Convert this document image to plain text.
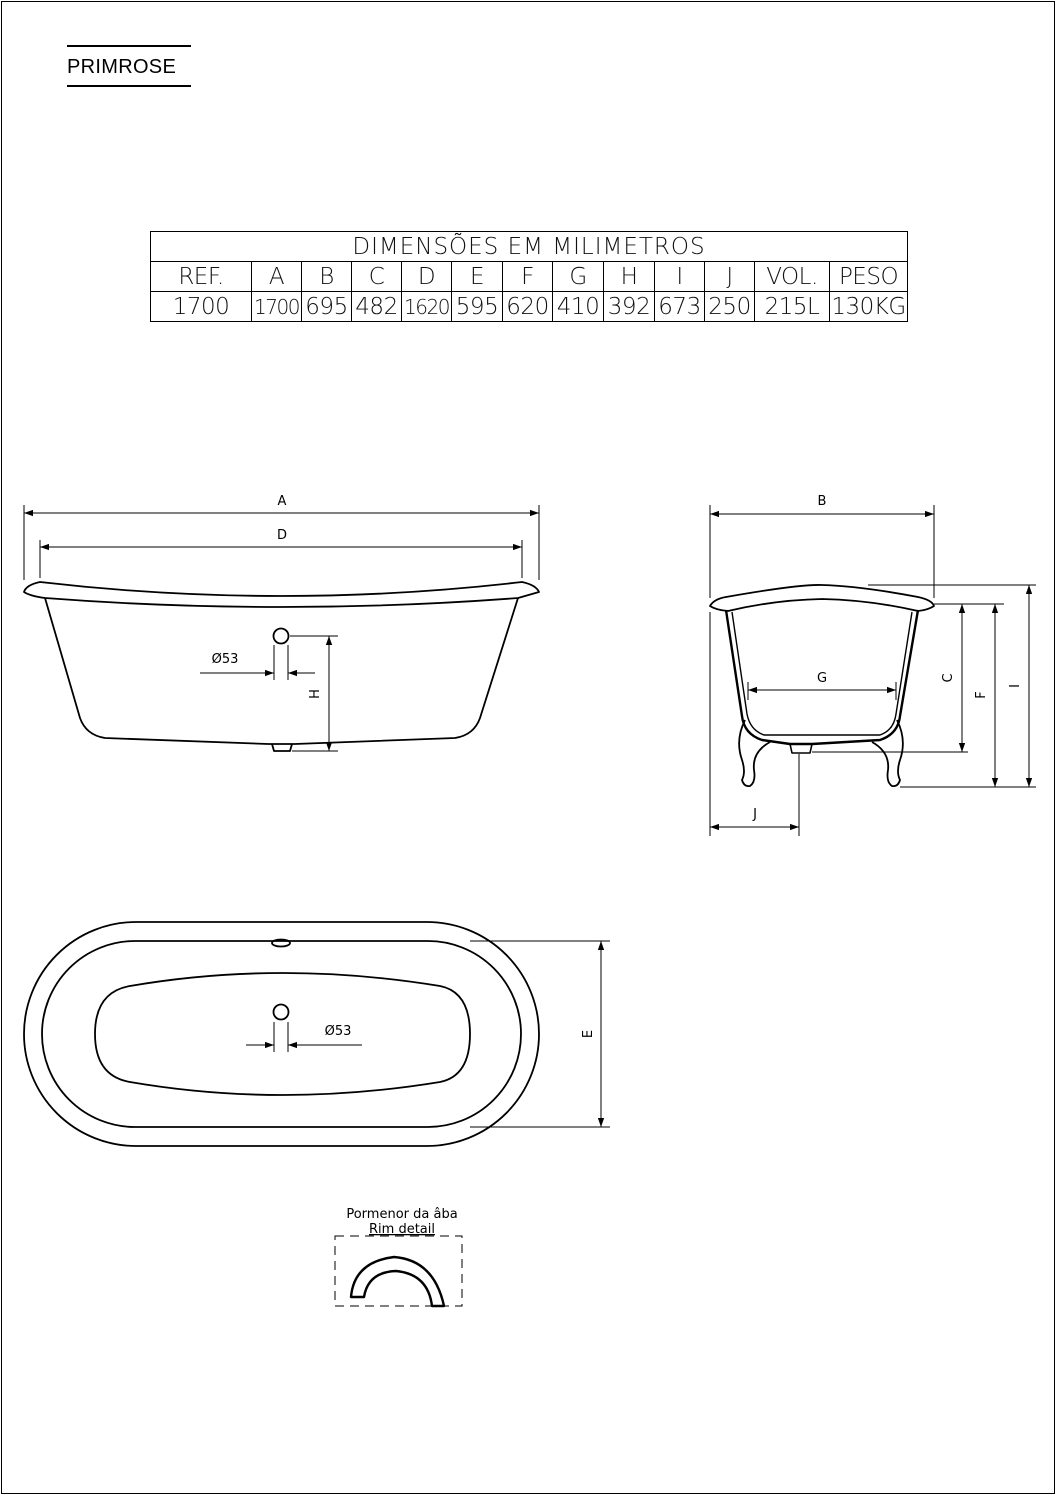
PRIMROSE
DIMENSÕES EM MILIMETROS												
REF.	A	B	C	D	E	F	G	H	I	J	VOL.	PESO
1700	1700	695	482	1620	595	620	410	392	673	250	215L	130KG
A
D
Ø53
H
B
G	C
F
I
J
Ø53	E
Pormenor da âba
Rim detail
